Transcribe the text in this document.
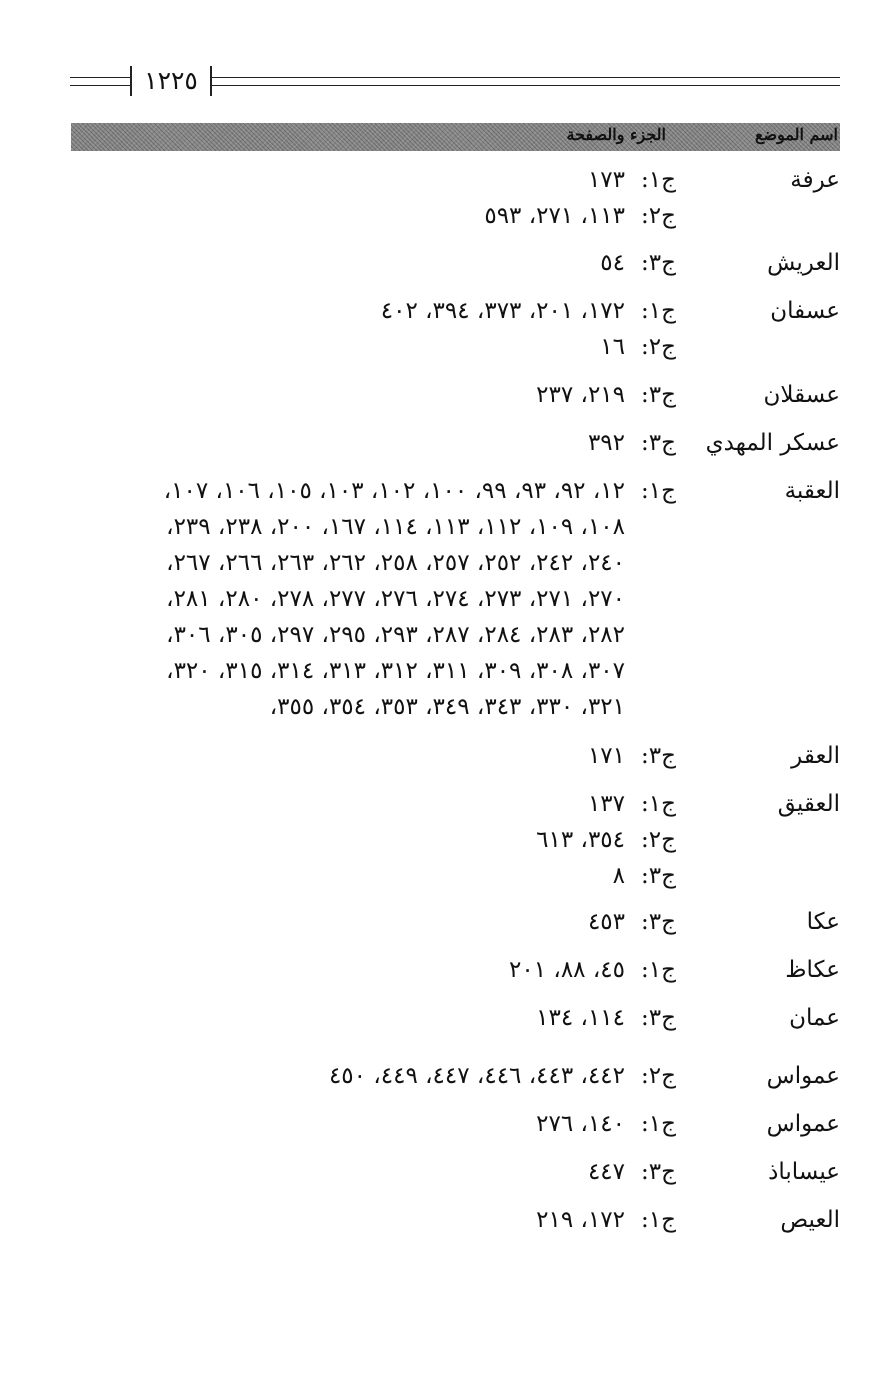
١٢٢٥
اسم الموضع
الجزء والصفحة
عرفة
ج١:
١٧٣
ج٢:
١١٣، ٢٧١، ٥٩٣
العريش
ج٣:
٥٤
عسفان
ج١:
١٧٢، ٢٠١، ٣٧٣، ٣٩٤، ٤٠٢
ج٢:
١٦
عسقلان
ج٣:
٢١٩، ٢٣٧
عسكر المهدي
ج٣:
٣٩٢
العقبة
ج١:
١٢، ٩٢، ٩٣، ٩٩، ١٠٠، ١٠٢، ١٠٣، ١٠٥، ١٠٦، ١٠٧،
١٠٨، ١٠٩، ١١٢، ١١٣، ١١٤، ١٦٧، ٢٠٠، ٢٣٨، ٢٣٩،
٢٤٠، ٢٤٢، ٢٥٢، ٢٥٧، ٢٥٨، ٢٦٢، ٢٦٣، ٢٦٦، ٢٦٧،
٢٧٠، ٢٧١، ٢٧٣، ٢٧٤، ٢٧٦، ٢٧٧، ٢٧٨، ٢٨٠، ٢٨١،
٢٨٢، ٢٨٣، ٢٨٤، ٢٨٧، ٢٩٣، ٢٩٥، ٢٩٧، ٣٠٥، ٣٠٦،
٣٠٧، ٣٠٨، ٣٠٩، ٣١١، ٣١٢، ٣١٣، ٣١٤، ٣١٥، ٣٢٠،
٣٢١، ٣٣٠، ٣٤٣، ٣٤٩، ٣٥٣، ٣٥٤، ٣٥٥،
العقر
ج٣:
١٧١
العقيق
ج١:
١٣٧
ج٢:
٣٥٤، ٦١٣
ج٣:
٨
عكا
ج٣:
٤٥٣
عكاظ
ج١:
٤٥، ٨٨، ٢٠١
عمان
ج٣:
١١٤، ١٣٤
عمواس
ج٢:
٤٤٢، ٤٤٣، ٤٤٦، ٤٤٧، ٤٤٩، ٤٥٠
عمواس
ج١:
١٤٠، ٢٧٦
عيساباذ
ج٣:
٤٤٧
العيص
ج١:
١٧٢، ٢١٩
